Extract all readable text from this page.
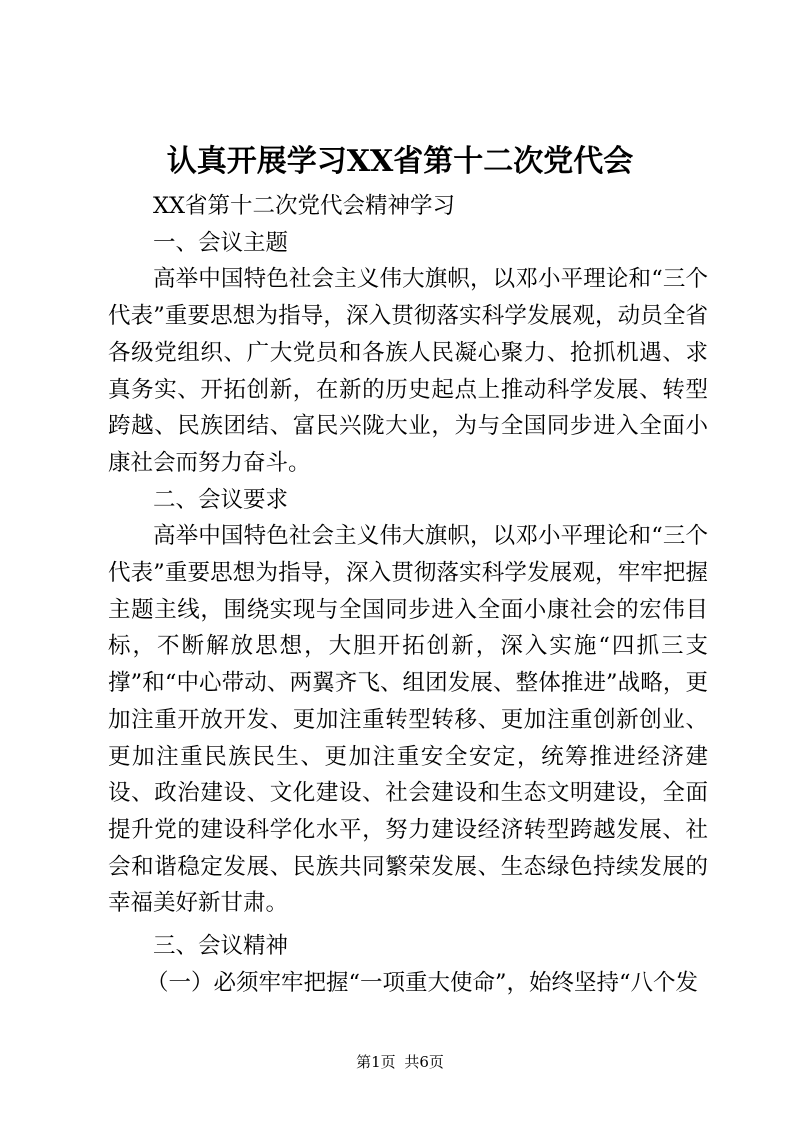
认真开展学习XX省第十二次党代会

XX省第十二次党代会精神学习

一、会议主题

高举中国特色社会主义伟大旗帜，以邓小平理论和“三个代表”重要思想为指导，深入贯彻落实科学发展观，动员全省各级党组织、广大党员和各族人民凝心聚力、抢抓机遇、求真务实、开拓创新，在新的历史起点上推动科学发展、转型跨越、民族团结、富民兴陇大业，为与全国同步进入全面小康社会而努力奋斗。

二、会议要求

高举中国特色社会主义伟大旗帜，以邓小平理论和“三个代表”重要思想为指导，深入贯彻落实科学发展观，牢牢把握主题主线，围绕实现与全国同步进入全面小康社会的宏伟目标，不断解放思想，大胆开拓创新，深入实施“四抓三支撑”和“中心带动、两翼齐飞、组团发展、整体推进”战略，更加注重开放开发、更加注重转型转移、更加注重创新创业、更加注重民族民生、更加注重安全安定，统筹推进经济建设、政治建设、文化建设、社会建设和生态文明建设，全面提升党的建设科学化水平，努力建设经济转型跨越发展、社会和谐稳定发展、民族共同繁荣发展、生态绿色持续发展的幸福美好新甘肃。

三、会议精神

（一）必须牢牢把握“一项重大使命”，始终坚持“八个发

第1页 共6页
